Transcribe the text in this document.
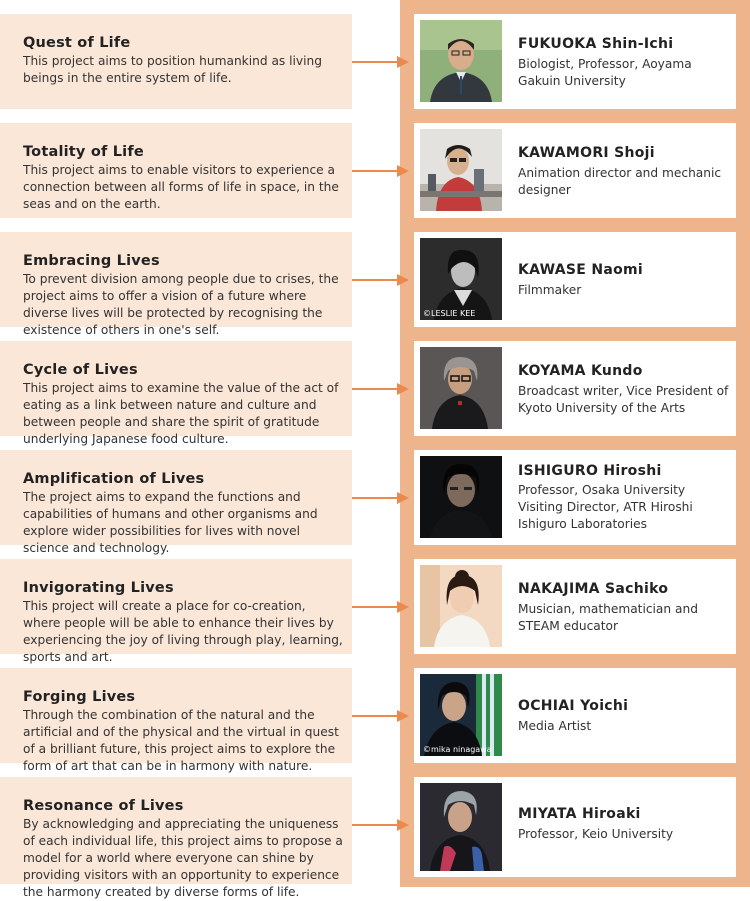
Quest of Life

This project aims to position humankind as living beings in the entire system of life.

FUKUOKA Shin-Ichi
Biologist, Professor, Aoyama Gakuin University
Totality of Life

This project aims to enable visitors to experience a connection between all forms of life in space, in the seas and on the earth.

KAWAMORI Shoji
Animation director and mechanic designer
Embracing Lives

To prevent division among people due to crises, the project aims to offer a vision of a future where diverse lives will be protected by recognising the existence of others in one's self.

©LESLIE KEE
KAWASE Naomi
Filmmaker
Cycle of Lives

This project aims to examine the value of the act of eating as a link between nature and culture and between people and share the spirit of gratitude underlying Japanese food culture.

KOYAMA Kundo
Broadcast writer, Vice President of Kyoto University of the Arts
Amplification of Lives

The project aims to expand the functions and capabilities of humans and other organisms and explore wider possibilities for lives with novel science and technology.

ISHIGURO Hiroshi
Professor, Osaka University Visiting Director, ATR Hiroshi Ishiguro Laboratories
Invigorating Lives

This project will create a place for co-creation, where people will be able to enhance their lives by experiencing the joy of living through play, learning, sports and art.

NAKAJIMA Sachiko
Musician, mathematician and STEAM educator
Forging Lives

Through the combination of the natural and the artificial and of the physical and the virtual in quest of a brilliant future, this project aims to explore the form of art that can be in harmony with nature.

©mika ninagawa
OCHIAI Yoichi
Media Artist
Resonance of Lives

By acknowledging and appreciating the uniqueness of each individual life, this project aims to propose a model for a world where everyone can shine by providing visitors with an opportunity to experience the harmony created by diverse forms of life.

MIYATA Hiroaki
Professor, Keio University
